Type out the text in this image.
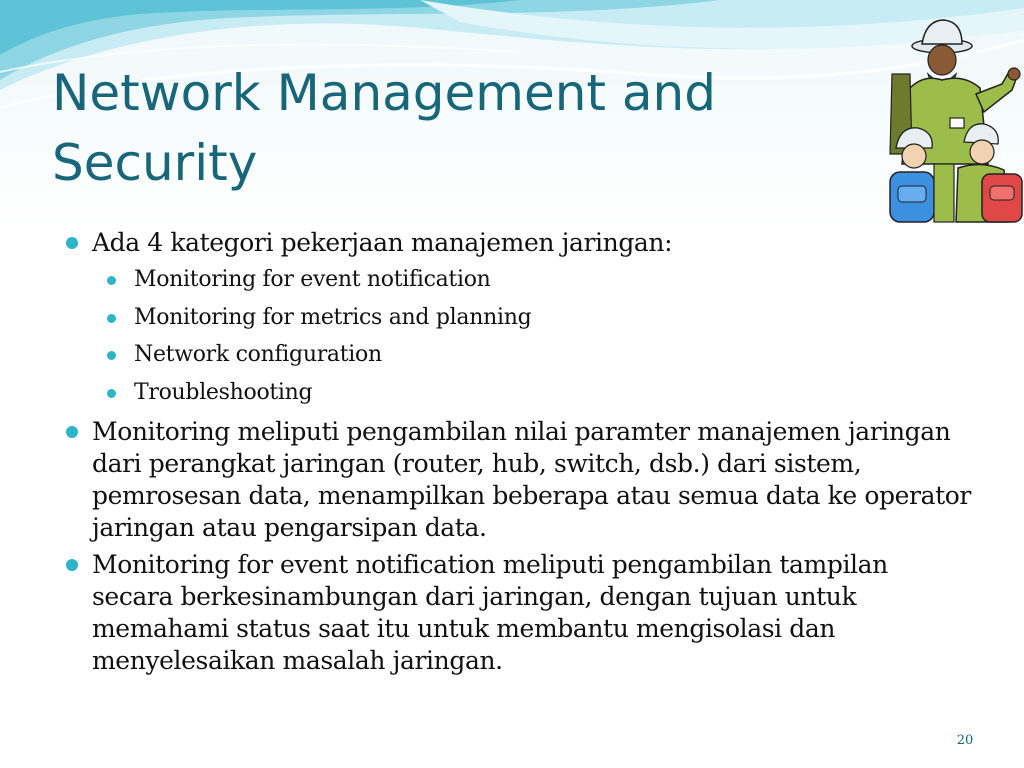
Network Management and
Security
Ada 4 kategori pekerjaan manajemen jaringan:
Monitoring for event notification
Monitoring for metrics and planning
Network configuration
Troubleshooting
Monitoring meliputi pengambilan nilai paramter manajemen jaringan dari perangkat jaringan (router, hub, switch, dsb.) dari sistem, pemrosesan data, menampilkan beberapa atau semua data ke operator jaringan atau pengarsipan data.
Monitoring for event notification meliputi pengambilan tampilan secara berkesinambungan dari jaringan, dengan tujuan untuk memahami status saat itu untuk membantu mengisolasi dan menyelesaikan masalah jaringan.
20
